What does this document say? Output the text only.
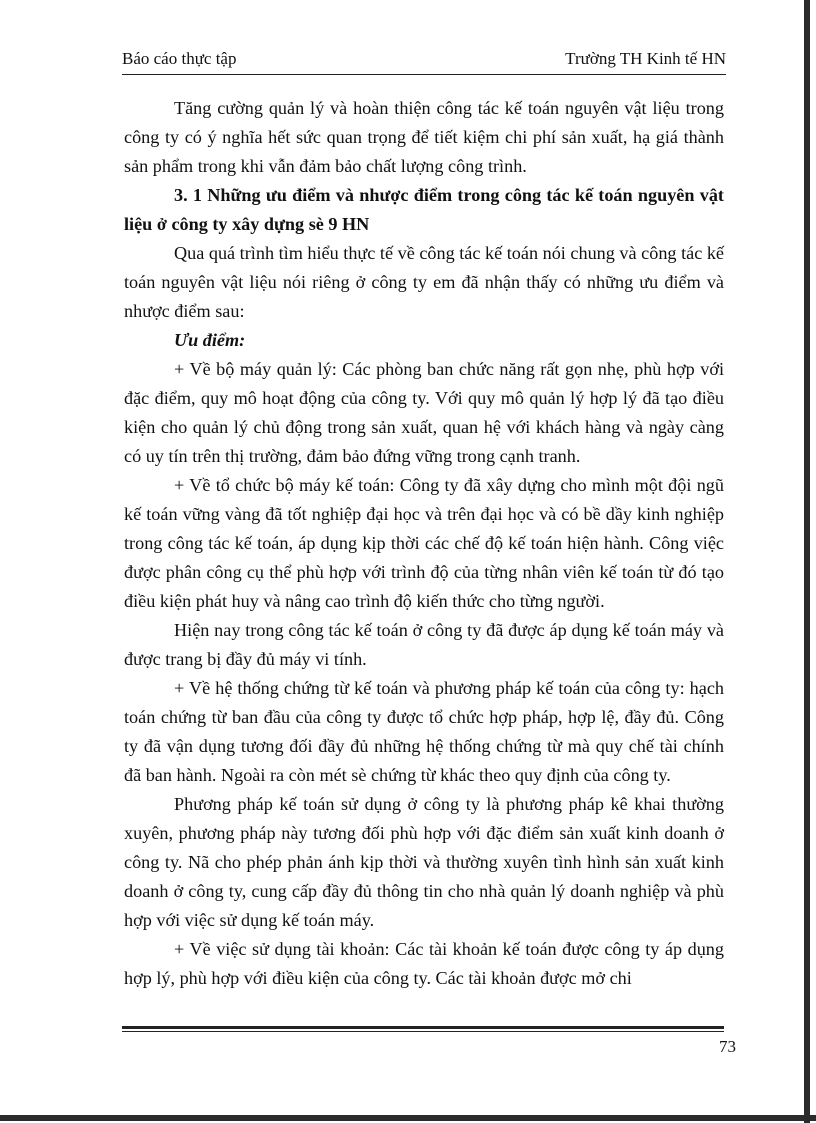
Báo cáo thực tập	Trường TH Kinh tế HN

Tăng cường quản lý và hoàn thiện công tác kế toán nguyên vật liệu trong công ty có ý nghĩa hết sức quan trọng để tiết kiệm chi phí sản xuất, hạ giá thành sản phẩm trong khi vẫn đảm bảo chất lượng công trình.

3. 1 Những ưu điểm và nhược điểm trong công tác kế toán nguyên vật liệu ở công ty xây dựng sè 9 HN

Qua quá trình tìm hiểu thực tế về công tác kế toán nói chung và công tác kế toán nguyên vật liệu nói riêng ở công ty em đã nhận thấy có những ưu điểm và nhược điểm sau:

Ưu điểm:

+ Về bộ máy quản lý: Các phòng ban chức năng rất gọn nhẹ, phù hợp với đặc điểm, quy mô hoạt động của công ty. Với quy mô quản lý hợp lý đã tạo điều kiện cho quản lý chủ động trong sản xuất, quan hệ với khách hàng và ngày càng có uy tín trên thị trường, đảm bảo đứng vững trong cạnh tranh.

+ Về tổ chức bộ máy kế toán: Công ty đã xây dựng cho mình một đội ngũ kế toán vững vàng đã tốt nghiệp đại học và trên đại học và có bề dầy kinh nghiệp trong công tác kế toán, áp dụng kịp thời các chế độ kế toán hiện hành. Công việc được phân công cụ thể phù hợp với trình độ của từng nhân viên kế toán từ đó tạo điều kiện phát huy và nâng cao trình độ kiến thức cho từng người.

Hiện nay trong công tác kế toán ở công ty đã được áp dụng kế toán máy và được trang bị đầy đủ máy vi tính.

+ Về hệ thống chứng từ kế toán và phương pháp kế toán của công ty: hạch toán chứng từ ban đầu của công ty được tổ chức hợp pháp, hợp lệ, đầy đủ. Công ty đã vận dụng tương đối đầy đủ những hệ thống chứng từ mà quy chế tài chính đã ban hành. Ngoài ra còn mét sè chứng từ khác theo quy định của công ty.

Phương pháp kế toán sử dụng ở công ty là phương pháp kê khai thường xuyên, phương pháp này tương đối phù hợp với đặc điểm sản xuất kinh doanh ở công ty. Nã cho phép phản ánh kịp thời và thường xuyên tình hình sản xuất kinh doanh ở công ty, cung cấp đầy đủ thông tin cho nhà quản lý doanh nghiệp và phù hợp với việc sử dụng kế toán máy.

+ Về việc sử dụng tài khoản: Các tài khoản kế toán được công ty áp dụng hợp lý, phù hợp với điều kiện của công ty. Các tài khoản được mở chi

73
